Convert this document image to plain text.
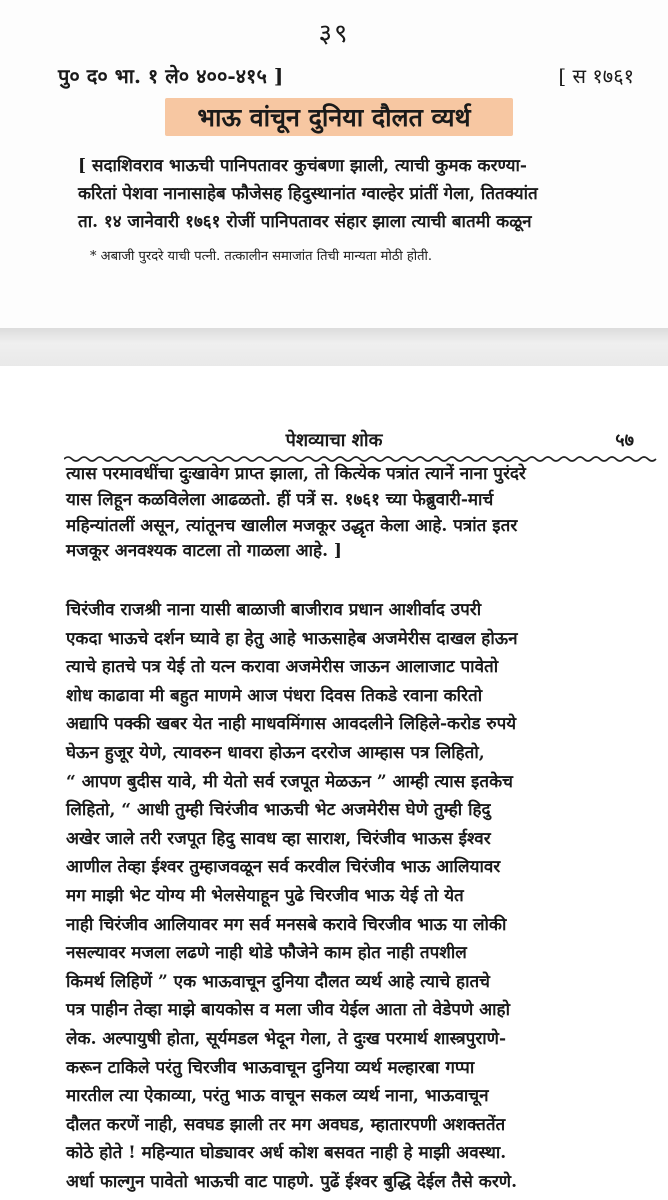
३९
पु० द० भा. १ ले० ४००-४१५ ]	[ स १७६१
भाऊ वांचून दुनिया दौलत व्यर्थ
[ सदाशिवराव भाऊची पानिपतावर कुचंबणा झाली, त्याची कुमक करण्या-
करितां पेशवा नानासाहेब फौजेसह हिदुस्थानांत ग्वाल्हेर प्रांतीं गेला, तितक्यांत
ता. १४ जानेवारी १७६१ रोजीं पानिपतावर संहार झाला त्याची बातमी कळून
* अबाजी पुरदरे याची पत्नी. तत्कालीन समाजांत तिची मान्यता मोठी होती.
पेशव्याचा शोक	५७
त्यास परमावधींचा दुःखावेग प्राप्त झाला, तो कित्येक पत्रांत त्यानें नाना पुरंदरे
यास लिहून कळविलेला आढळतो. हीं पत्रें स. १७६१ च्या फेब्रुवारी-मार्च
महिन्यांतलीं असून, त्यांतूनच खालील मजकूर उद्धृत केला आहे. पत्रांत इतर
मजकूर अनवश्यक वाटला तो गाळला आहे. ]
चिरंजीव राजश्री नाना यासी बाळाजी बाजीराव प्रधान आशीर्वाद उपरी
एकदा भाऊचे दर्शन घ्यावे हा हेतु आहे भाऊसाहेब अजमेरीस दाखल होऊन
त्याचे हातचे पत्र येई तो यत्न करावा अजमेरीस जाऊन आलाजाट पावेतो
शोध काढावा मी बहुत माणमे आज पंधरा दिवस तिकडे रवाना करितो
अद्यापि पक्की खबर येत नाही माधवमिंगास आवदलीने लिहिले-करोड रुपये
घेऊन हुजूर येणे, त्यावरुन धावरा होऊन दररोज आम्हास पत्र लिहितो,
“ आपण बुदीस यावे, मी येतो सर्व रजपूत मेळऊन ” आम्ही त्यास इतकेच
लिहितो, “ आधी तुम्ही चिरंजीव भाऊची भेट अजमेरीस घेणे तुम्ही हिदु
अखेर जाले तरी रजपूत हिदु सावध व्हा साराश, चिरंजीव भाऊस ईश्वर
आणील तेव्हा ईश्वर तुम्हाजवळून सर्व करवील चिरंजीव भाऊ आलियावर
मग माझी भेट योग्य मी भेलसेयाहून पुढे चिरजीव भाऊ येई तो येत
नाही चिरंजीव आलियावर मग सर्व मनसबे करावे चिरजीव भाऊ या लोकी
नसल्यावर मजला लढणे नाही थोडे फौजेने काम होत नाही तपशील
किमर्थ लिहिणें ” एक भाऊवाचून दुनिया दौलत व्यर्थ आहे त्याचे हातचे
पत्र पाहीन तेव्हा माझे बायकोस व मला जीव येईल आता तो वेडेपणे आहो
लेक. अल्पायुषी होता, सूर्यमडल भेदून गेला, ते दुःख परमार्थ शास्त्रपुराणे-
करून टाकिले परंतु चिरजीव भाऊवाचून दुनिया व्यर्थ मल्हारबा गप्पा
मारतील त्या ऐकाव्या, परंतु भाऊ वाचून सकल व्यर्थ नाना, भाऊवाचून
दौलत करणें नाही, सवघड झाली तर मग अवघड, म्हातारपणी अशक्ततेंत
कोठे होते ! महिन्यात घोड्यावर अर्ध कोश बसवत नाही हे माझी अवस्था.
अर्धा फाल्गुन पावेतो भाऊची वाट पाहणे. पुढें ईश्वर बुद्धि देईल तैसे करणे.
